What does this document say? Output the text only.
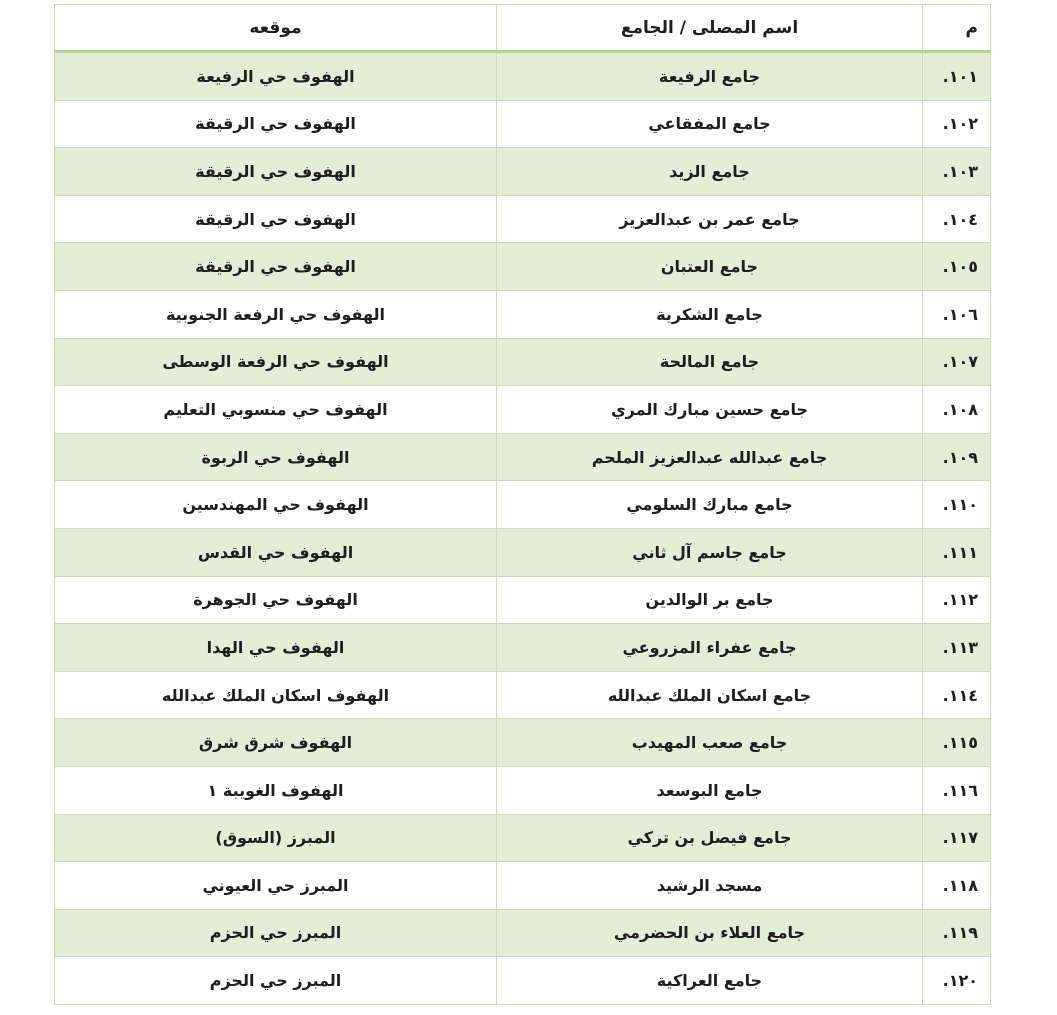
م	اسم المصلى / الجامع	موقعه
١٠١.	جامع الرفيعة	الهفوف حي الرفيعة
١٠٢.	جامع المفقاعي	الهفوف حي الرقيقة
١٠٣.	جامع الزيد	الهفوف حي الرقيقة
١٠٤.	جامع عمر بن عبدالعزيز	الهفوف حي الرقيقة
١٠٥.	جامع العتبان	الهفوف حي الرقيقة
١٠٦.	جامع الشكرية	الهفوف حي الرفعة الجنوبية
١٠٧.	جامع المالحة	الهفوف حي الرفعة الوسطى
١٠٨.	جامع حسين مبارك المري	الهفوف حي منسوبي التعليم
١٠٩.	جامع عبدالله عبدالعزيز الملحم	الهفوف حي الربوة
١١٠.	جامع مبارك السلومي	الهفوف حي المهندسين
١١١.	جامع جاسم آل ثاني	الهفوف حي القدس
١١٢.	جامع بر الوالدين	الهفوف حي الجوهرة
١١٣.	جامع عفراء المزروعي	الهفوف حي الهدا
١١٤.	جامع اسكان الملك عبدالله	الهفوف اسكان الملك عبدالله
١١٥.	جامع صعب المهيدب	الهفوف شرق شرق
١١٦.	جامع البوسعد	الهفوف الغويبة ١
١١٧.	جامع فيصل بن تركي	المبرز (السوق)
١١٨.	مسجد الرشيد	المبرز حي العيوني
١١٩.	جامع العلاء بن الحضرمي	المبرز حي الحزم
١٢٠.	جامع العراكية	المبرز حي الحزم
